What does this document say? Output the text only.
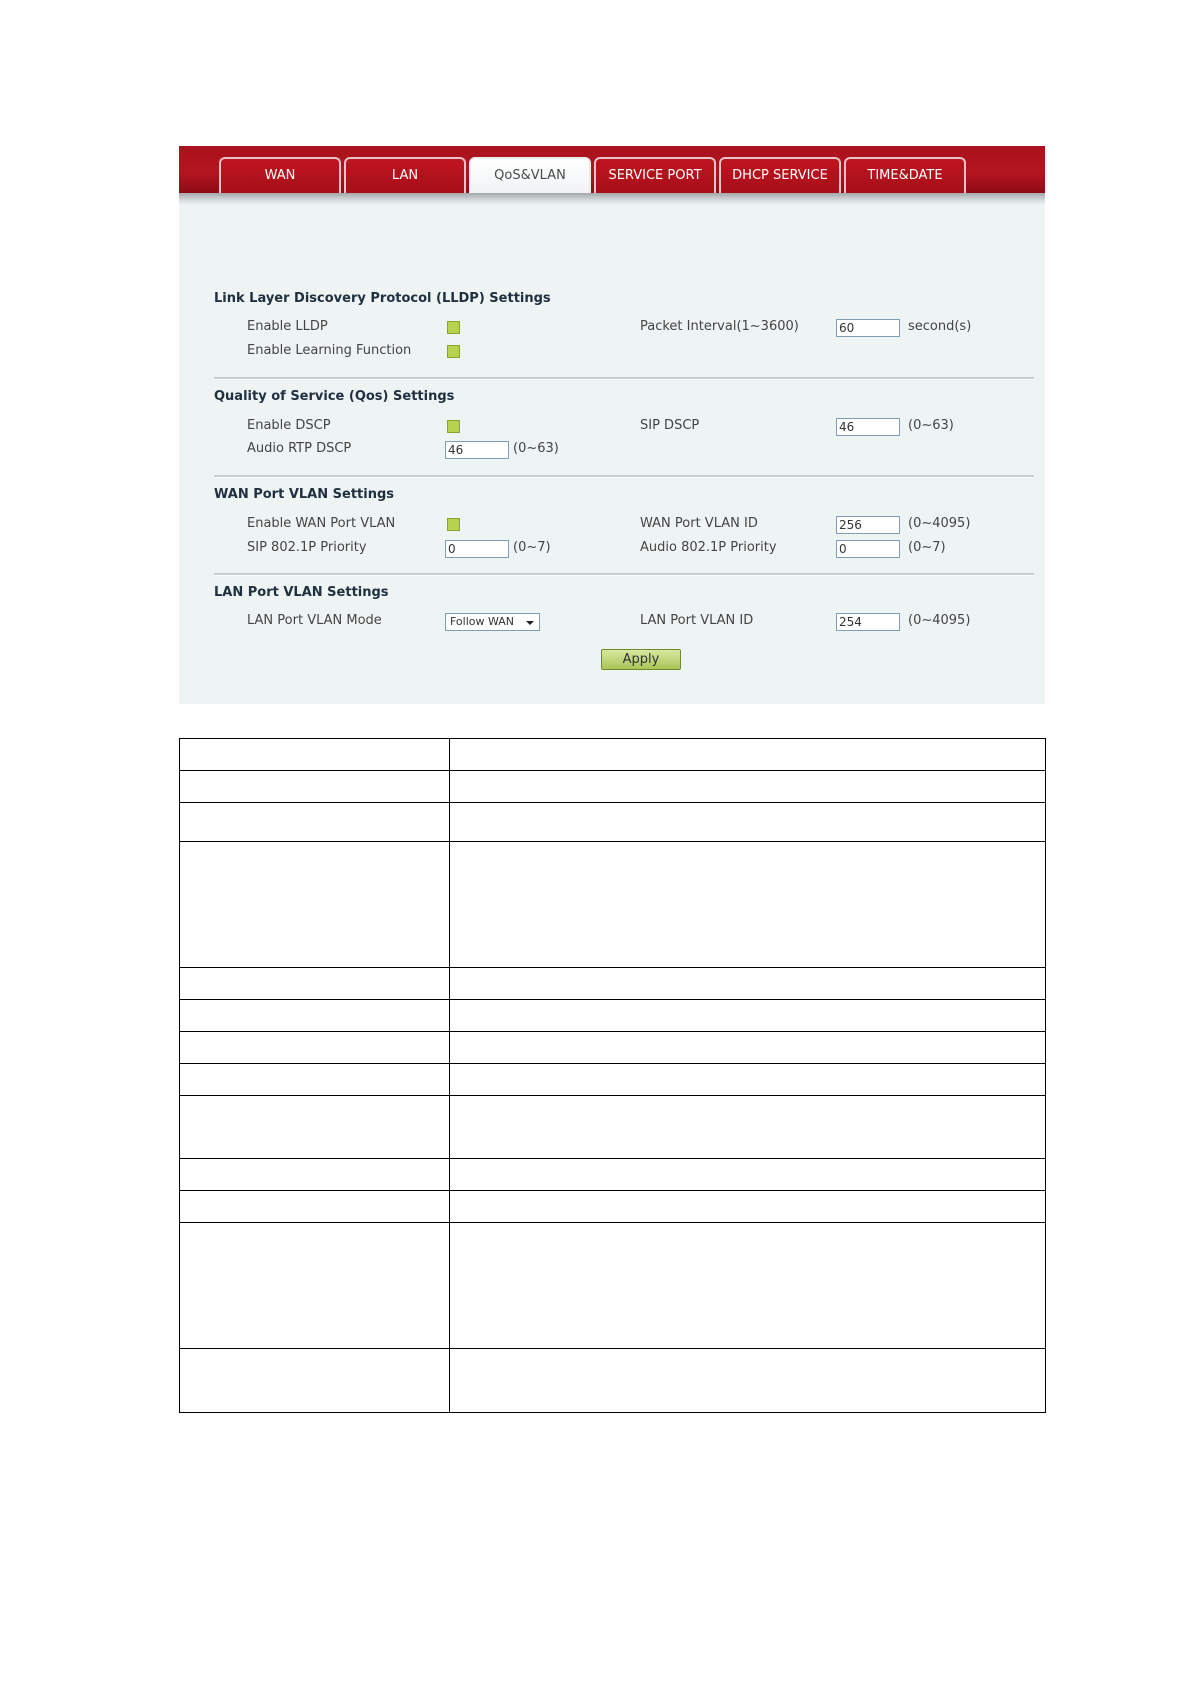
WAN	LAN	QoS&VLAN	SERVICE PORT	DHCP SERVICE	TIME&DATE
Link Layer Discovery Protocol (LLDP) Settings
Enable LLDP	Packet Interval(1~3600)	60	second(s)
Enable Learning Function
Quality of Service (Qos) Settings
Enable DSCP	SIP DSCP	46	(0~63)
Audio RTP DSCP	46	(0~63)
WAN Port VLAN Settings
Enable WAN Port VLAN	WAN Port VLAN ID	256	(0~4095)
SIP 802.1P Priority	0	(0~7)	Audio 802.1P Priority	0	(0~7)
LAN Port VLAN Settings
LAN Port VLAN Mode	Follow WAN	LAN Port VLAN ID	254	(0~4095)
Apply
